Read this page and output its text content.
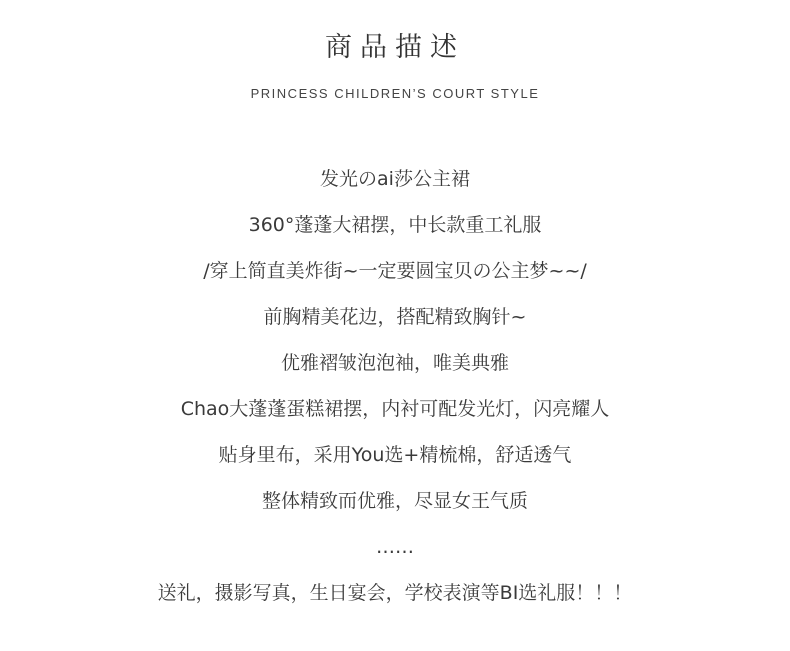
商品描述
PRINCESS CHILDREN’S COURT STYLE
发光のai莎公主裙
360°蓬蓬大裙摆，中长款重工礼服
/穿上简直美炸街~一定要圆宝贝の公主梦~~/
前胸精美花边，搭配精致胸针~
优雅褶皱泡泡袖，唯美典雅
Chao大蓬蓬蛋糕裙摆，内衬可配发光灯，闪亮耀人
贴身里布，采用You选+精梳棉，舒适透气
整体精致而优雅，尽显女王气质
……
送礼，摄影写真，生日宴会，学校表演等BI选礼服！！！
